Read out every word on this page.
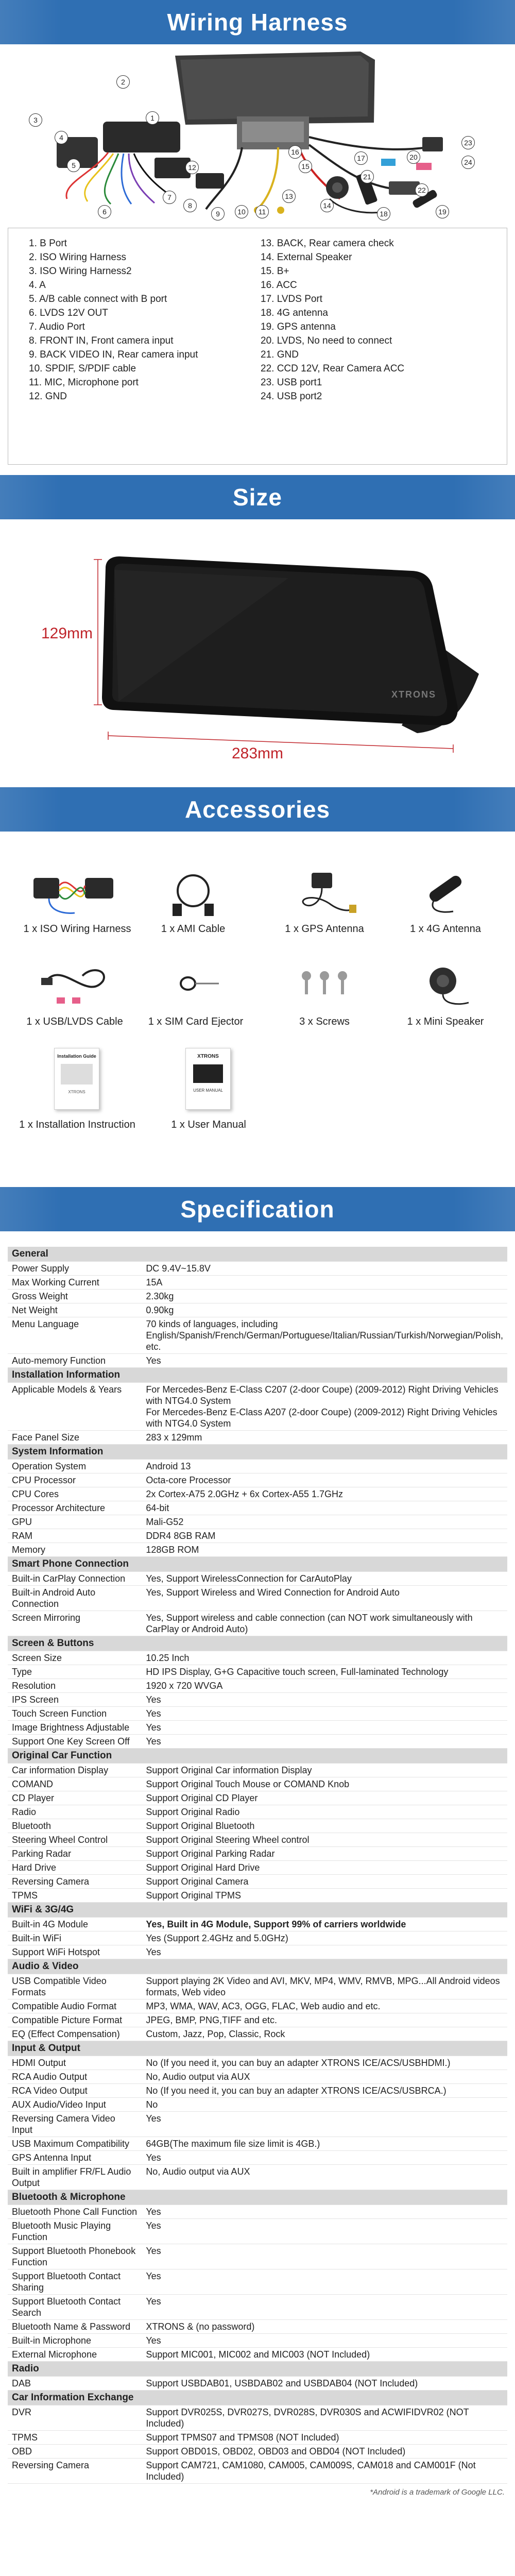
Wiring Harness
1
2
3
4
5
6
7
8
9	10	11
12
13
14
15
16
17
18	19
20
21
22
23
24
1. B Port
2. ISO Wiring Harness
3. ISO Wiring Harness2
4. A
5. A/B cable connect with B port
6. LVDS 12V OUT
7. Audio Port
8. FRONT IN, Front camera input
9. BACK VIDEO IN, Rear camera input
10. SPDIF, S/PDIF cable
11. MIC, Microphone port
12. GND
13. BACK, Rear camera check
14. External Speaker
15. B+
16. ACC
17. LVDS Port
18. 4G antenna
19. GPS antenna
20. LVDS, No need to connect
21. GND
22. CCD 12V, Rear Camera ACC
23. USB port1
24. USB port2
Size
129mm
283mm
XTRONS
Accessories
1 x ISO Wiring Harness	1 x AMI Cable	1 x GPS Antenna	1 x 4G Antenna
1 x USB/LVDS Cable	1 x SIM Card Ejector	3 x Screws	1 x Mini Speaker
Installation Guide
XTRONS
XTRONS
USER MANUAL
1 x Installation Instruction	1 x User Manual
Specification
General	
Power Supply	DC 9.4V~15.8V
Max Working Current	15A
Gross Weight	2.30kg
Net Weight	0.90kg
Menu Language	70 kinds of languages, including English/Spanish/French/German/Portuguese/Italian/Russian/Turkish/Norwegian/Polish, etc.
Auto-memory Function	Yes
Installation Information	
Applicable Models & Years	For Mercedes-Benz E-Class C207 (2-door Coupe) (2009-2012) Right Driving Vehicles with NTG4.0 System
For Mercedes-Benz E-Class A207 (2-door Coupe) (2009-2012) Right Driving Vehicles with NTG4.0 System
Face Panel Size	283 x 129mm
System Information	
Operation System	Android 13
CPU Processor	Octa-core Processor
CPU Cores	2x Cortex-A75 2.0GHz + 6x Cortex-A55 1.7GHz
Processor Architecture	64-bit
GPU	Mali-G52
RAM	DDR4 8GB RAM
Memory	128GB ROM
Smart Phone Connection	
Built-in CarPlay Connection	Yes, Support WirelessConnection for CarAutoPlay
Built-in Android Auto Connection	Yes, Support Wireless and Wired Connection for Android Auto
Screen Mirroring	Yes, Support wireless and cable connection (can NOT work simultaneously with CarPlay or Android Auto)
Screen & Buttons	
Screen Size	10.25 Inch
Type	HD IPS Display, G+G Capacitive touch screen, Full-laminated Technology
Resolution	1920 x 720 WVGA
IPS Screen	Yes
Touch Screen Function	Yes
Image Brightness Adjustable	Yes
Support One Key Screen Off	Yes
Original Car Function	
Car information Display	Support Original Car information Display
COMAND	Support Original Touch Mouse or COMAND Knob
CD Player	Support Original CD Player
Radio	Support Original Radio
Bluetooth	Support Original Bluetooth
Steering Wheel Control	Support Original Steering Wheel control
Parking Radar	Support Original Parking Radar
Hard Drive	Support Original Hard Drive
Reversing Camera	Support Original Camera
TPMS	Support Original TPMS
WiFi & 3G/4G	
Built-in 4G Module	Yes, Built in 4G Module, Support 99% of carriers worldwide
Built-in WiFi	Yes (Support 2.4GHz and 5.0GHz)
Support WiFi Hotspot	Yes
Audio & Video	
USB Compatible Video Formats	Support playing 2K Video and AVI, MKV, MP4, WMV, RMVB, MPG...All Android videos formats, Web video
Compatible Audio Format	MP3, WMA, WAV, AC3, OGG, FLAC, Web audio and etc.
Compatible Picture Format	JPEG, BMP, PNG,TIFF and etc.
EQ (Effect Compensation)	Custom, Jazz, Pop, Classic, Rock
Input & Output	
HDMI Output	No (If you need it, you can buy an adapter XTRONS ICE/ACS/USBHDMI.)
RCA Audio Output	No, Audio output via AUX
RCA Video Output	No (If you need it, you can buy an adapter XTRONS ICE/ACS/USBRCA.)
AUX Audio/Video Input	No
Reversing Camera Video Input	Yes
USB Maximum Compatibility	64GB(The maximum file size limit is 4GB.)
GPS Antenna Input	Yes
Built in amplifier FR/FL Audio Output	No, Audio output via AUX
Bluetooth & Microphone	
Bluetooth Phone Call Function	Yes
Bluetooth Music Playing Function	Yes
Support Bluetooth Phonebook Function	Yes
Support Bluetooth Contact Sharing	Yes
Support Bluetooth Contact Search	Yes
Bluetooth Name & Password	XTRONS & (no password)
Built-in Microphone	Yes
External Microphone	Support MIC001, MIC002 and MIC003 (NOT Included)
Radio	
DAB	Support USBDAB01, USBDAB02 and USBDAB04 (NOT Included)
Car Information Exchange	
DVR	Support DVR025S, DVR027S, DVR028S, DVR030S and ACWIFIDVR02 (NOT Included)
TPMS	Support TPMS07 and TPMS08 (NOT Included)
OBD	Support OBD01S, OBD02, OBD03 and OBD04 (NOT Included)
Reversing Camera	Support CAM721, CAM1080, CAM005, CAM009S, CAM018 and CAM001F (Not Included)
*Android is a trademark of Google LLC.
